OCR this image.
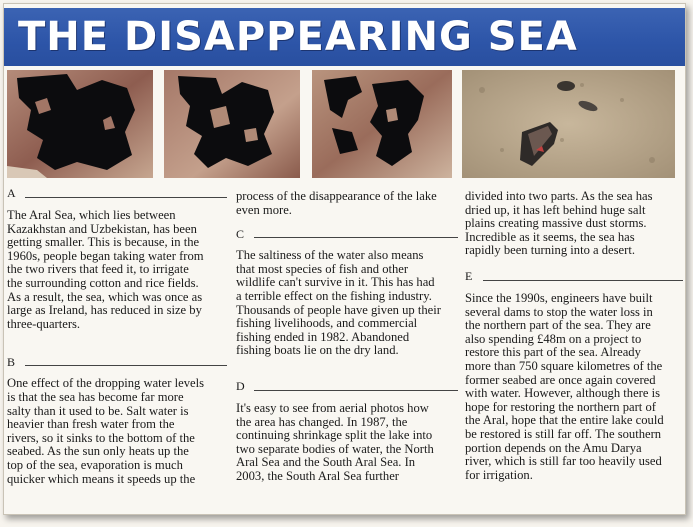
THE DISAPPEARING SEA
A

The Aral Sea, which lies between

Kazakhstan and Uzbekistan, has been

getting smaller. This is because, in the

1960s, people began taking water from

the two rivers that feed it, to irrigate

the surrounding cotton and rice fields.

As a result, the sea, which was once as

large as Ireland, has reduced in size by

three-quarters.

B

One effect of the dropping water levels

is that the sea has become far more

salty than it used to be. Salt water is

heavier than fresh water from the

rivers, so it sinks to the bottom of the

seabed. As the sun only heats up the

top of the sea, evaporation is much

quicker which means it speeds up the

process of the disappearance of the lake

even more.

C

The saltiness of the water also means

that most species of fish and other

wildlife can't survive in it. This has had

a terrible effect on the fishing industry.

Thousands of people have given up their

fishing livelihoods, and commercial

fishing ended in 1982. Abandoned

fishing boats lie on the dry land.

D

It's easy to see from aerial photos how

the area has changed. In 1987, the

continuing shrinkage split the lake into

two separate bodies of water, the North

Aral Sea and the South Aral Sea. In

2003, the South Aral Sea further

divided into two parts. As the sea has

dried up, it has left behind huge salt

plains creating massive dust storms.

Incredible as it seems, the sea has

rapidly been turning into a desert.

E

Since the 1990s, engineers have built

several dams to stop the water loss in

the northern part of the sea. They are

also spending £48m on a project to

restore this part of the sea. Already

more than 750 square kilometres of the

former seabed are once again covered

with water. However, although there is

hope for restoring the northern part of

the Aral, hope that the entire lake could

be restored is still far off. The southern

portion depends on the Amu Darya

river, which is still far too heavily used

for irrigation.
